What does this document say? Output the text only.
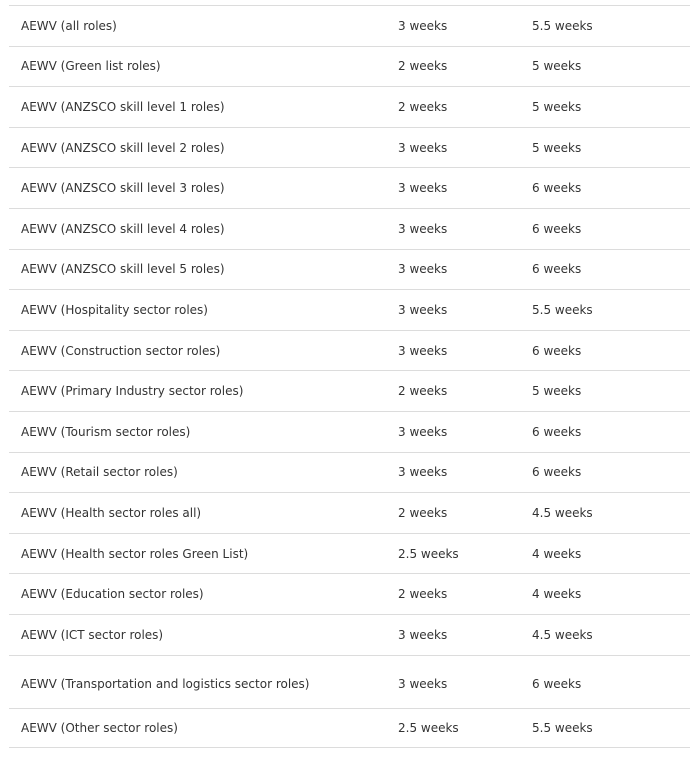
AEWV (all roles)	3 weeks	5.5 weeks
AEWV (Green list roles)	2 weeks	5 weeks
AEWV (ANZSCO skill level 1 roles)	2 weeks	5 weeks
AEWV (ANZSCO skill level 2 roles)	3 weeks	5 weeks
AEWV (ANZSCO skill level 3 roles)	3 weeks	6 weeks
AEWV (ANZSCO skill level 4 roles)	3 weeks	6 weeks
AEWV (ANZSCO skill level 5 roles)	3 weeks	6 weeks
AEWV (Hospitality sector roles)	3 weeks	5.5 weeks
AEWV (Construction sector roles)	3 weeks	6 weeks
AEWV (Primary Industry sector roles)	2 weeks	5 weeks
AEWV (Tourism sector roles)	3 weeks	6 weeks
AEWV (Retail sector roles)	3 weeks	6 weeks
AEWV (Health sector roles all)	2 weeks	4.5 weeks
AEWV (Health sector roles Green List)	2.5 weeks	4 weeks
AEWV (Education sector roles)	2 weeks	4 weeks
AEWV (ICT sector roles)	3 weeks	4.5 weeks
AEWV (Transportation and logistics sector roles)	3 weeks	6 weeks
AEWV (Other sector roles)	2.5 weeks	5.5 weeks
